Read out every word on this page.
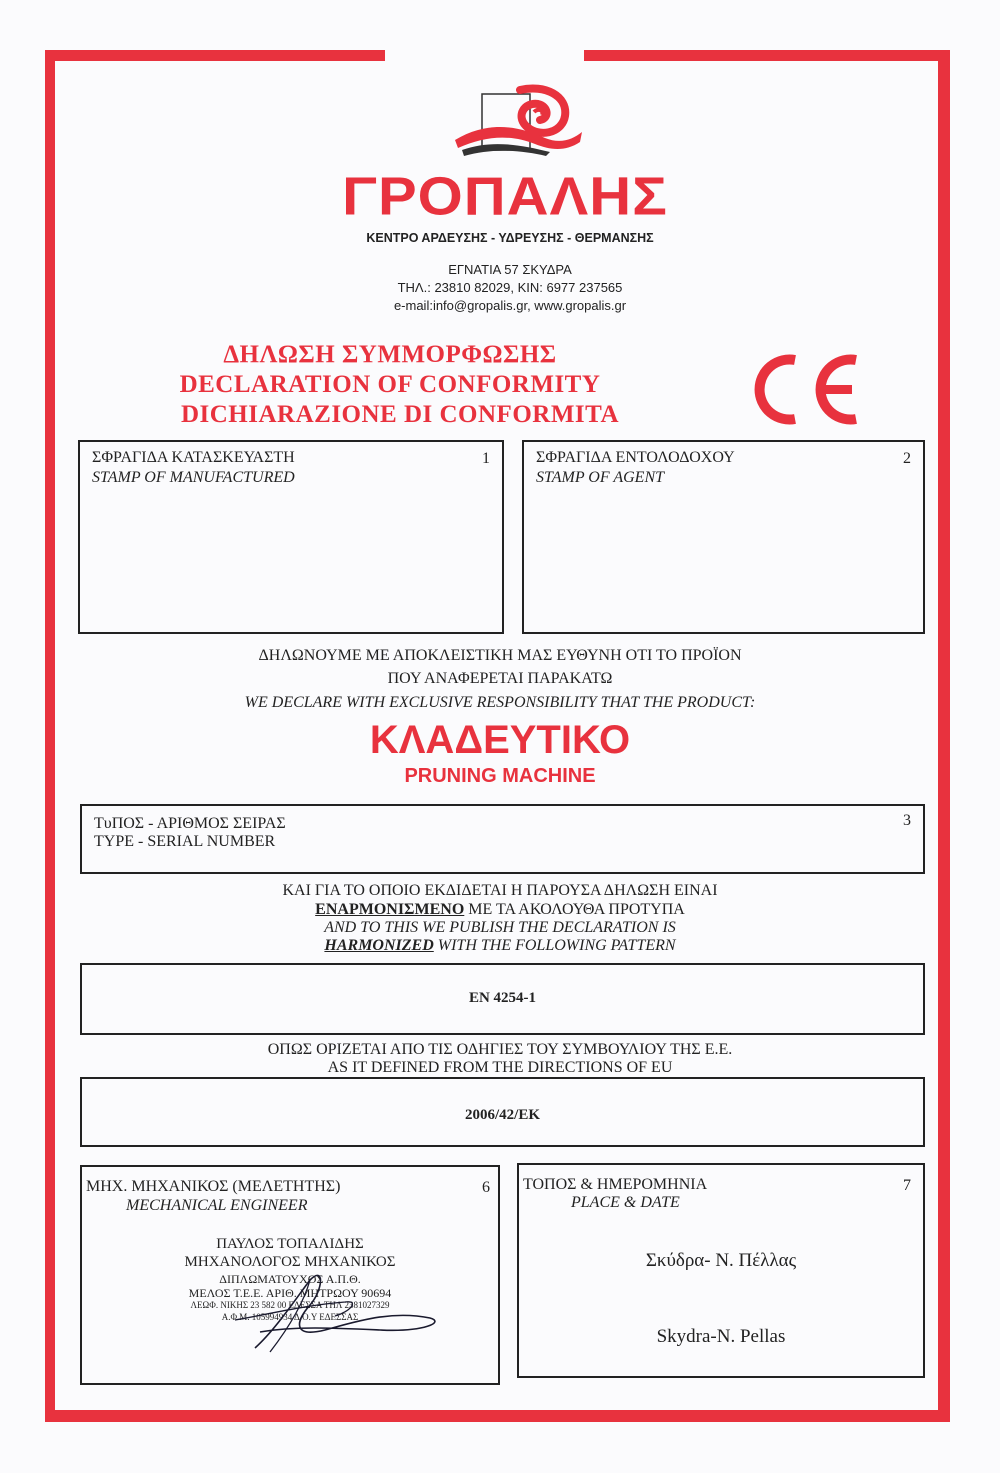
ΓΡΟΠΑΛΗΣ
ΚΕΝΤΡΟ ΑΡΔΕΥΣΗΣ - ΥΔΡΕΥΣΗΣ - ΘΕΡΜΑΝΣΗΣ
ΕΓΝΑΤΙΑ 57 ΣΚΥΔΡΑ
ΤΗΛ.: 23810 82029, ΚΙΝ: 6977 237565
e-mail:info@gropalis.gr, www.gropalis.gr
ΔΗΛΩΣΗ ΣΥΜΜΟΡΦΩΣΗΣ
DECLARATION OF CONFORMITY
DICHIARAZIONE DI CONFORMITA
ΣΦΡΑΓΙΔΑ ΚΑΤΑΣΚΕΥΑΣΤΗ
STAMP OF MANUFACTURED
1	ΣΦΡΑΓΙΔΑ ΕΝΤΟΛΟΔΟΧΟΥ
STAMP OF AGENT
2
ΔΗΛΩΝΟΥΜΕ ΜΕ ΑΠΟΚΛΕΙΣΤΙΚΗ ΜΑΣ ΕΥΘΥΝΗ ΟΤΙ ΤΟ ΠΡΟΪΟΝ
ΠΟΥ ΑΝΑΦΕΡΕΤΑΙ ΠΑΡΑΚΑΤΩ
WE DECLARE WITH EXCLUSIVE RESPONSIBILITY THAT THE PRODUCT:
ΚΛΑΔΕΥΤΙΚΟ
PRUNING MACHINE
ΤυΠΟΣ - ΑΡΙΘΜΟΣ ΣΕΙΡΑΣ
TYPE - SERIAL NUMBER
3
ΚΑΙ ΓΙΑ ΤΟ ΟΠΟΙΟ ΕΚΔΙΔΕΤΑΙ Η ΠΑΡΟΥΣΑ ΔΗΛΩΣΗ ΕΙΝΑΙ
ΕΝΑΡΜΟΝΙΣΜΕΝΟ ΜΕ ΤΑ ΑΚΟΛΟΥΘΑ ΠΡΟΤΥΠΑ
AND TO THIS WE PUBLISH THE DECLARATION IS
HARMONIZED WITH THE FOLLOWING PATTERN
EN 4254-1
ΟΠΩΣ ΟΡΙΖΕΤΑΙ ΑΠΟ ΤΙΣ ΟΔΗΓΙΕΣ ΤΟΥ ΣΥΜΒΟΥΛΙΟΥ ΤΗΣ Ε.Ε.
AS IT DEFINED FROM THE DIRECTIONS OF EU
2006/42/ΕΚ
ΜΗΧ. ΜΗΧΑΝΙΚΟΣ (ΜΕΛΕΤΗΤΗΣ)
MECHANICAL ENGINEER
6
ΠΑΥΛΟΣ ΤΟΠΑΛΙΔΗΣ
ΜΗΧΑΝΟΛΟΓΟΣ ΜΗΧΑΝΙΚΟΣ
ΔΙΠΛΩΜΑΤΟΥΧΟΣ Α.Π.Θ.
ΜΕΛΟΣ Τ.Ε.Ε. ΑΡΙΘ. ΜΗΤΡΩΟΥ 90694
ΛΕΩΦ. ΝΙΚΗΣ 23 582 00 ΕΔΕΣΣΑ ΤΗΛ 2381027329
Α.Φ.Μ. 105994934 Δ.Ο.Υ ΕΔΕΣΣΑΣ
ΤΟΠΟΣ & ΗΜΕΡΟΜΗΝΙΑ
PLACE & DATE
7
Σκύδρα- Ν. Πέλλας
Skydra-N. Pellas
